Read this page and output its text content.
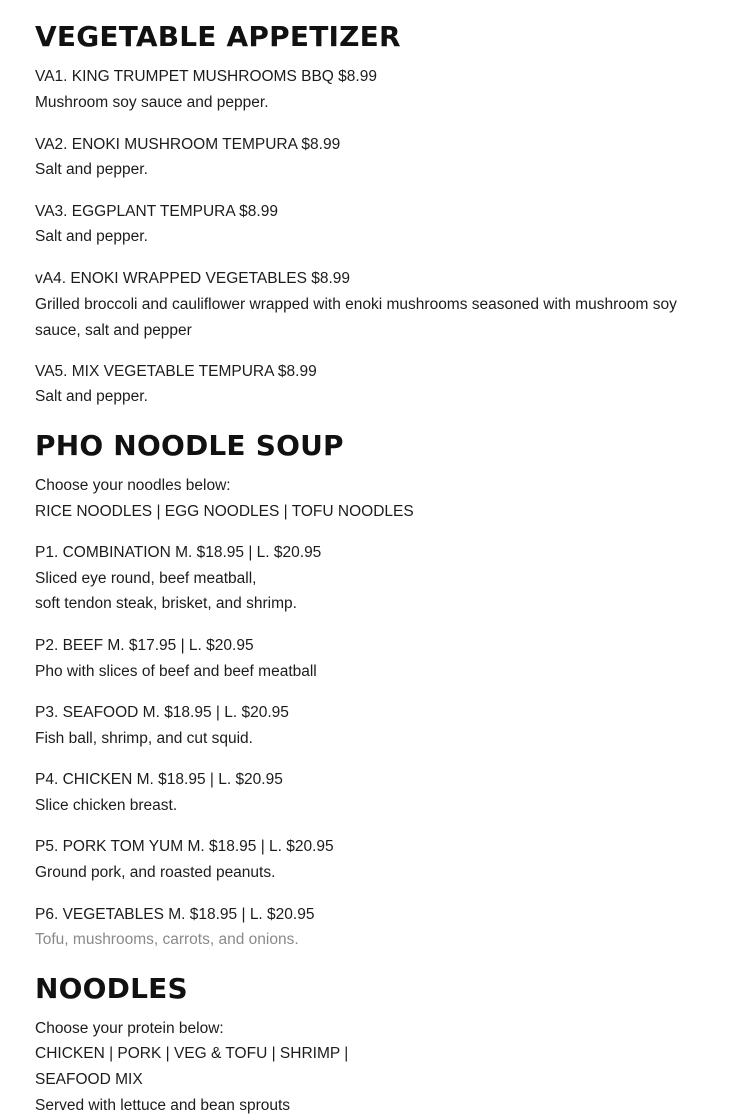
VEGETABLE APPETIZER
VA1. KING TRUMPET MUSHROOMS BBQ $8.99
Mushroom soy sauce and pepper.
VA2. ENOKI MUSHROOM TEMPURA $8.99
Salt and pepper.
VA3. EGGPLANT TEMPURA $8.99
Salt and pepper.
vA4. ENOKI WRAPPED VEGETABLES $8.99
Grilled broccoli and cauliflower wrapped with enoki mushrooms seasoned with mushroom soy sauce, salt and pepper
VA5. MIX VEGETABLE TEMPURA $8.99
Salt and pepper.
PHO NOODLE SOUP
Choose your noodles below:
RICE NOODLES | EGG NOODLES | TOFU NOODLES
P1. COMBINATION M. $18.95 | L. $20.95
Sliced eye round, beef meatball,
soft tendon steak, brisket, and shrimp.
P2. BEEF M. $17.95 | L. $20.95
Pho with slices of beef and beef meatball
P3. SEAFOOD M. $18.95 | L. $20.95
Fish ball, shrimp, and cut squid.
P4. CHICKEN M. $18.95 | L. $20.95
Slice chicken breast.
P5. PORK TOM YUM M. $18.95 | L. $20.95
Ground pork, and roasted peanuts.
P6. VEGETABLES M. $18.95 | L. $20.95
Tofu, mushrooms, carrots, and onions.
NOODLES
Choose your protein below:
CHICKEN | PORK | VEG & TOFU | SHRIMP |
SEAFOOD MIX
Served with lettuce and bean sprouts
